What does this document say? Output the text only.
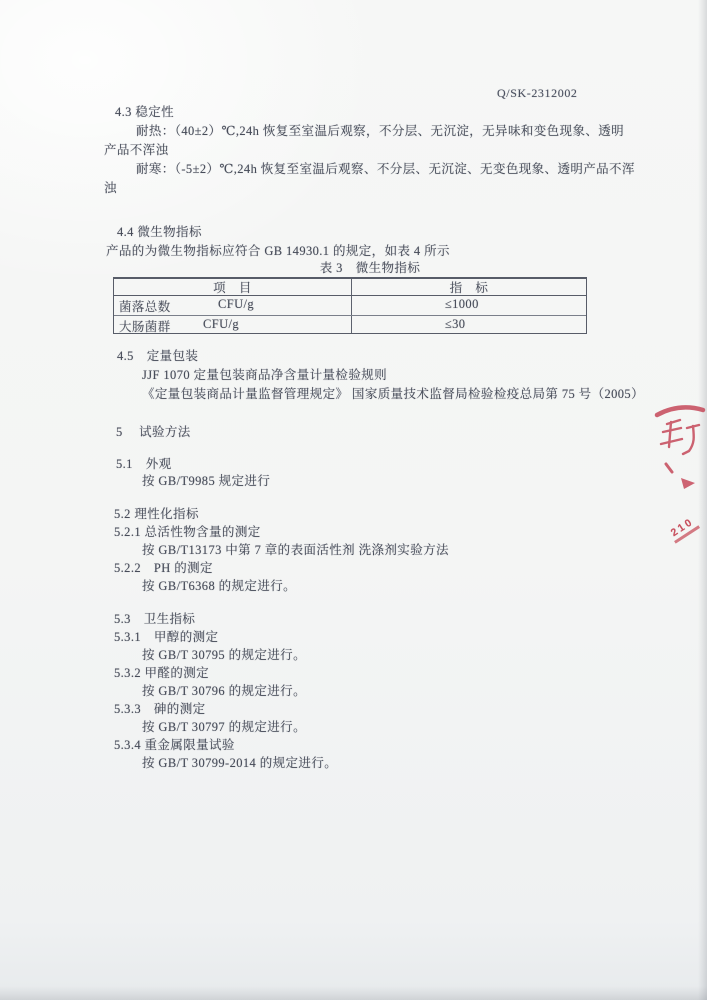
Q/SK-2312002
4.3 稳定性
耐热：（40±2）℃,24h 恢复至室温后观察，不分层、无沉淀，无异味和变色现象、透明
产品不浑浊
耐寒：（-5±2）℃,24h 恢复至室温后观察、不分层、无沉淀、无变色现象、透明产品不浑
浊
4.4 微生物指标
产品的为微生物指标应符合 GB 14930.1 的规定，如表 4 所示
表 3　微生物指标
项　目	指　标
菌落总数	CFU/g	≤1000
大肠菌群	CFU/g	≤30
4.5　定量包装
JJF 1070 定量包装商品净含量计量检验规则
《定量包装商品计量监督管理规定》 国家质量技术监督局检验检疫总局第 75 号（2005）
5　 试验方法
5.1　外观
按 GB/T9985 规定进行
5.2 理性化指标
5.2.1 总活性物含量的测定
按 GB/T13173 中第 7 章的表面活性剂 洗涤剂实验方法
5.2.2　PH 的测定
按 GB/T6368 的规定进行。
5.3　卫生指标
5.3.1　甲醇的测定
按 GB/T 30795 的规定进行。
5.3.2 甲醛的测定
按 GB/T 30796 的规定进行。
5.3.3　砷的测定
按 GB/T 30797 的规定进行。
5.3.4 重金属限量试验
按 GB/T 30799-2014 的规定进行。
210
